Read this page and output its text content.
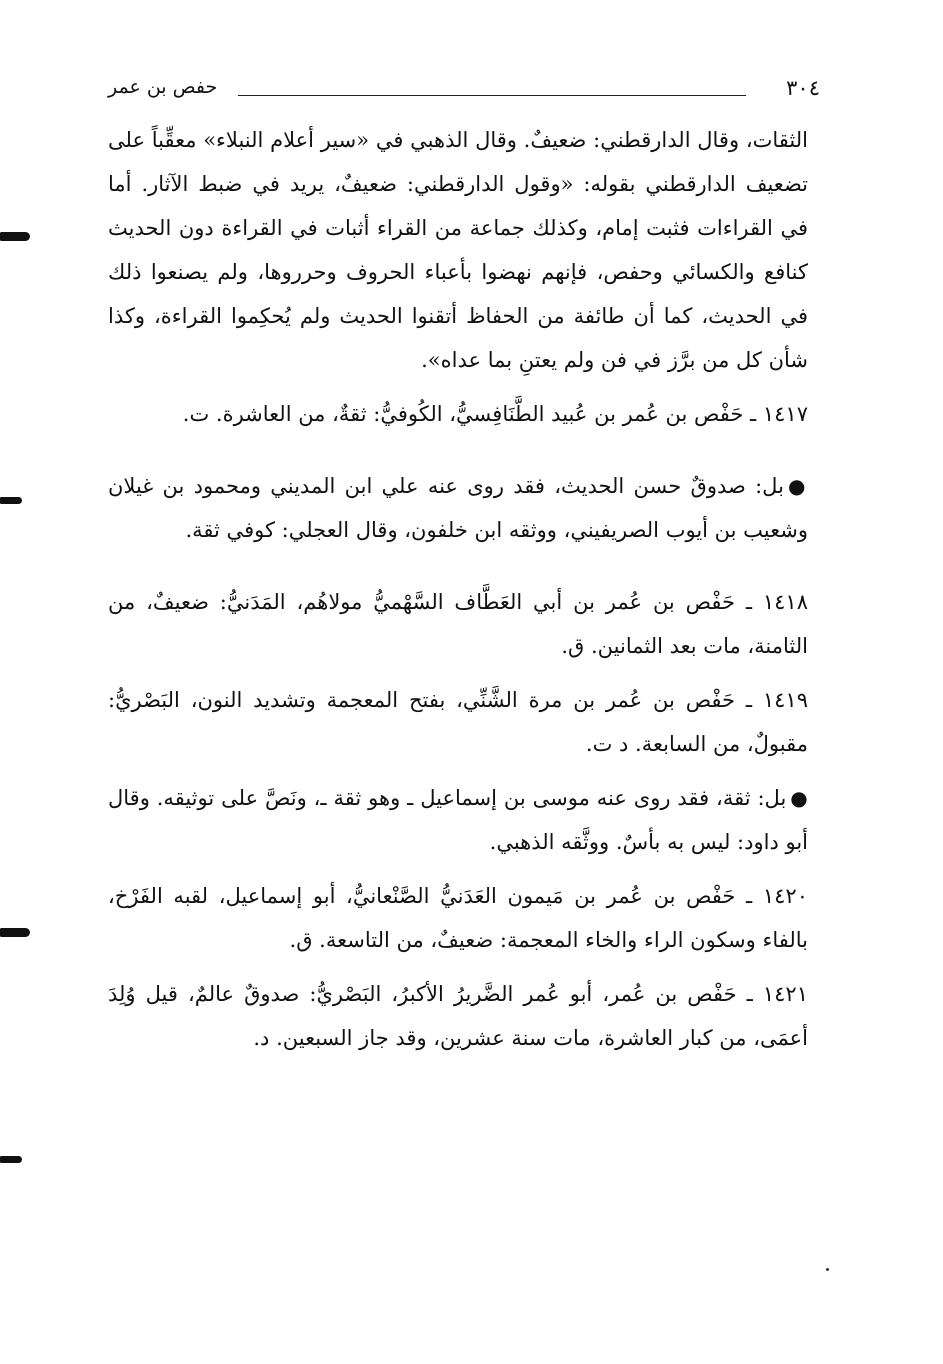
٣٠٤
حفص بن عمر

الثقات، وقال الدارقطني: ضعيفٌ. وقال الذهبي في «سير أعلام النبلاء» معقِّباً على تضعيف الدارقطني بقوله: «وقول الدارقطني: ضعيفٌ، يريد في ضبط الآثار. أما في القراءات فثبت إمام، وكذلك جماعة من القراء أثبات في القراءة دون الحديث كنافع والكسائي وحفص، فإنهم نهضوا بأعباء الحروف وحرروها، ولم يصنعوا ذلك في الحديث، كما أن طائفة من الحفاظ أتقنوا الحديث ولم يُحكِموا القراءة، وكذا شأن كل من برَّز في فن ولم يعتنِ بما عداه».

١٤١٧ ـ حَفْص بن عُمر بن عُبيد الطَّنَافِسيُّ، الكُوفيُّ: ثقةٌ، من العاشرة. ت.

●بل: صدوقٌ حسن الحديث، فقد روى عنه علي ابن المديني ومحمود بن غيلان وشعيب بن أيوب الصريفيني، ووثقه ابن خلفون، وقال العجلي: كوفي ثقة.

١٤١٨ ـ حَفْص بن عُمر بن أبي العَطَّاف السَّهْميُّ مولاهُم، المَدَنيُّ: ضعيفٌ، من الثامنة، مات بعد الثمانين. ق.

١٤١٩ ـ حَفْص بن عُمر بن مرة الشَّنِّي، بفتح المعجمة وتشديد النون، البَصْريُّ: مقبولٌ، من السابعة. د ت.

●بل: ثقة، فقد روى عنه موسى بن إسماعيل ـ وهو ثقة ـ، ونَصَّ على توثيقه. وقال أبو داود: ليس به بأسٌ. ووثَّقه الذهبي.

١٤٢٠ ـ حَفْص بن عُمر بن مَيمون العَدَنيُّ الصَّنْعانيُّ، أبو إسماعيل، لقبه الفَرْخ، بالفاء وسكون الراء والخاء المعجمة: ضعيفٌ، من التاسعة. ق.

١٤٢١ ـ حَفْص بن عُمر، أبو عُمر الضَّريرُ الأكبرُ، البَصْريُّ: صدوقٌ عالمٌ، قيل وُلِدَ أعمَى، من كبار العاشرة، مات سنة عشرين، وقد جاز السبعين. د.
